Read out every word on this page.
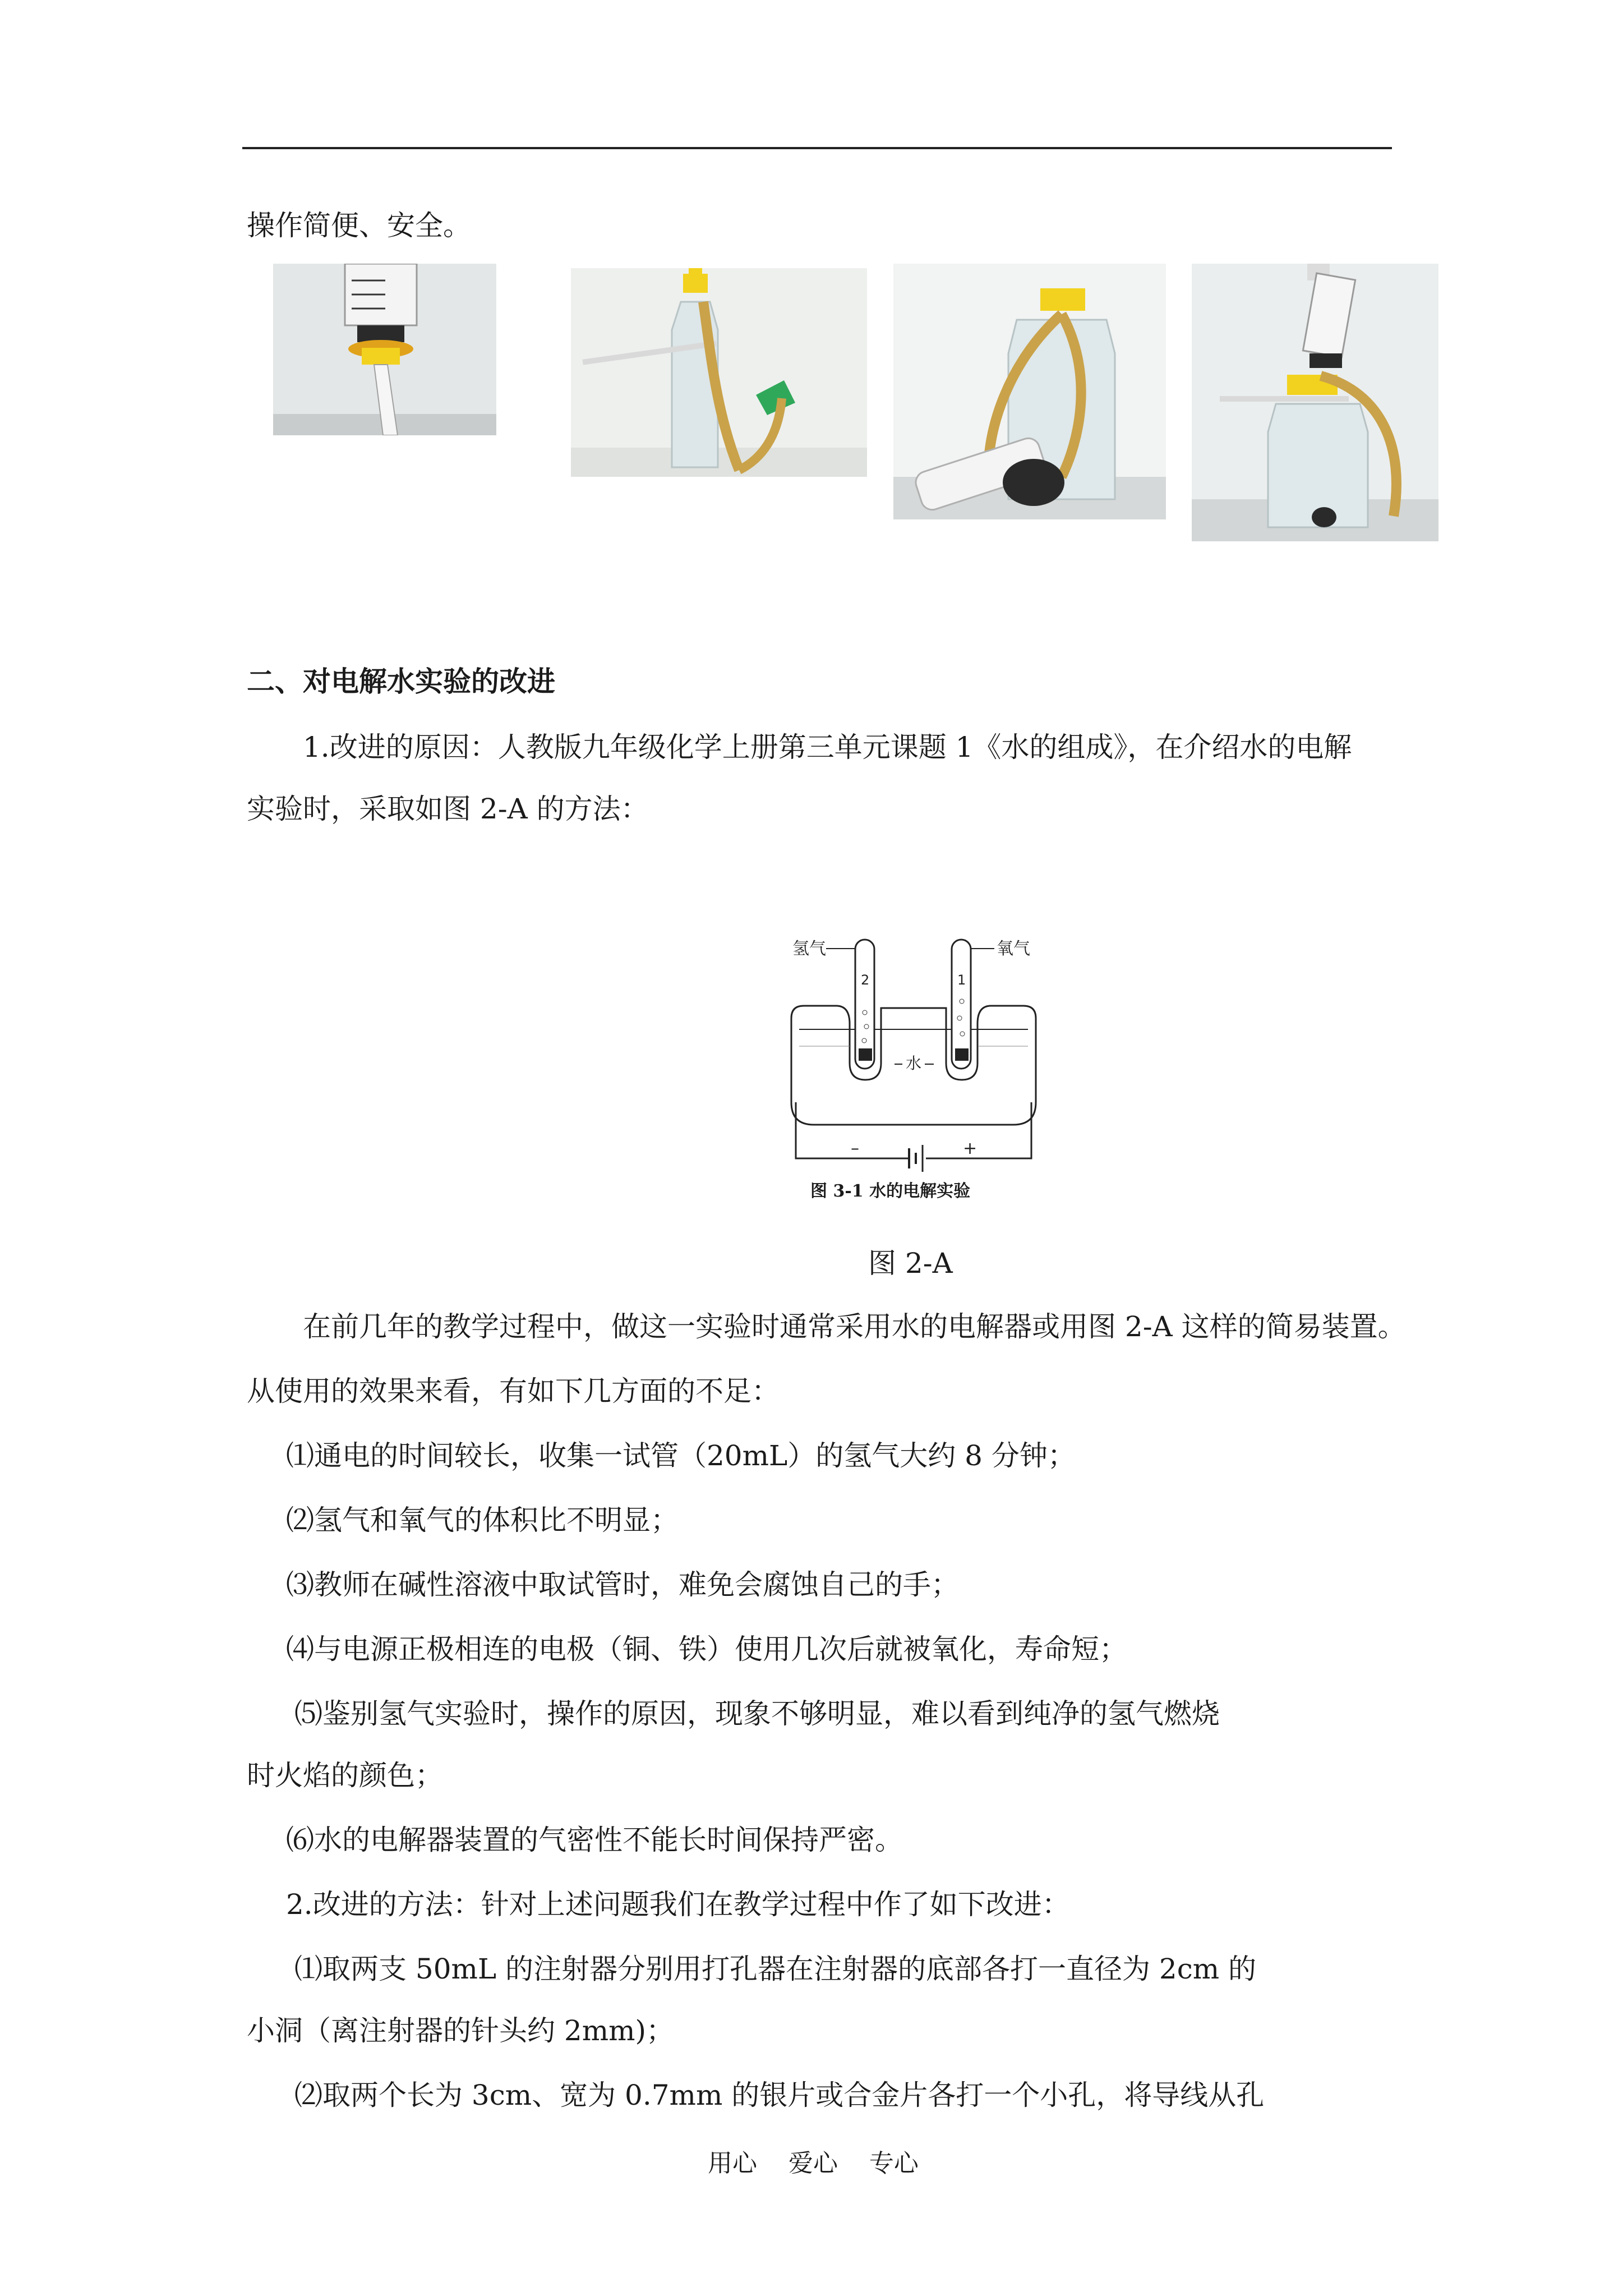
操作简便、安全。
二、对电解水实验的改进
1.改进的原因：人教版九年级化学上册第三单元课题 1《水的组成》，在介绍水的电解
实验时，采取如图 2-A 的方法：
氢气	氧气
2	1
水
–	+
图 3-1 水的电解实验
图 2-A
在前几年的教学过程中，做这一实验时通常采用水的电解器或用图 2-A 这样的简易装置。
从使用的效果来看，有如下几方面的不足：
⑴通电的时间较长，收集一试管（20mL）的氢气大约 8 分钟；
⑵氢气和氧气的体积比不明显；
⑶教师在碱性溶液中取试管时，难免会腐蚀自己的手；
⑷与电源正极相连的电极（铜、铁）使用几次后就被氧化，寿命短；
⑸鉴别氢气实验时，操作的原因，现象不够明显，难以看到纯净的氢气燃烧
时火焰的颜色；
⑹水的电解器装置的气密性不能长时间保持严密。
2.改进的方法：针对上述问题我们在教学过程中作了如下改进：
⑴取两支 50mL 的注射器分别用打孔器在注射器的底部各打一直径为 2cm 的
小洞（离注射器的针头约 2mm)；
⑵取两个长为 3cm、宽为 0.7mm 的银片或合金片各打一个小孔，将导线从孔
用心    爱心    专心
